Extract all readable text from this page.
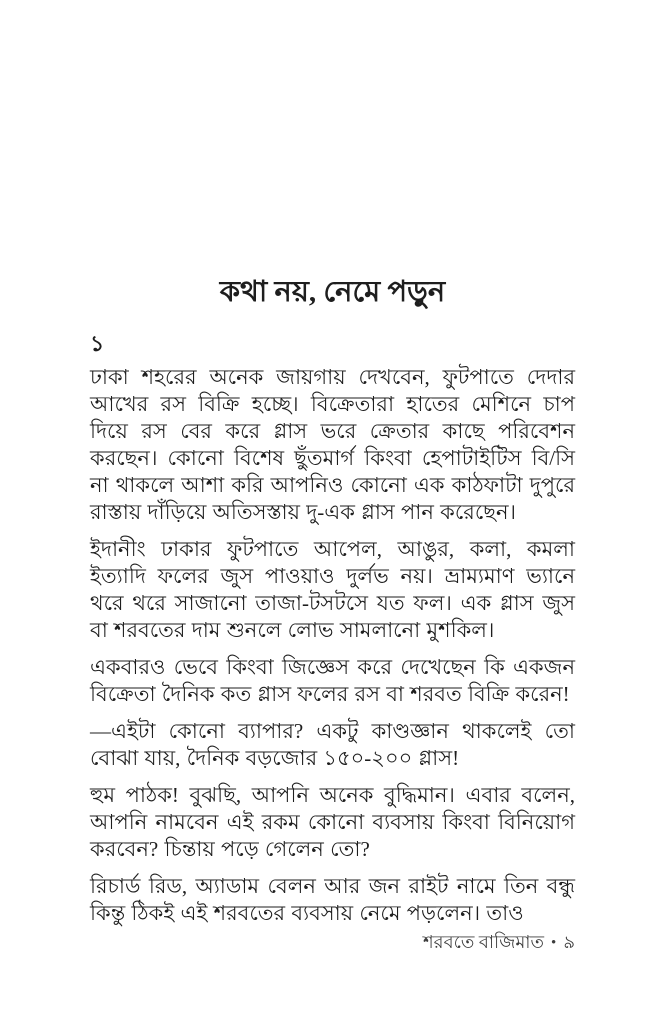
কথা নয়, নেমে পড়ুন
১

ঢাকা শহরের অনেক জায়গায় দেখবেন, ফুটপাতে দেদার আখের রস বিক্রি হচ্ছে। বিক্রেতারা হাতের মেশিনে চাপ দিয়ে রস বের করে গ্লাস ভরে ক্রেতার কাছে পরিবেশন করছেন। কোনো বিশেষ ছুঁতমার্গ কিংবা হেপাটাইটিস বি/সি না থাকলে আশা করি আপনিও কোনো এক কাঠফাটা দুপুরে রাস্তায় দাঁড়িয়ে অতিসস্তায় দু-এক গ্লাস পান করেছেন।

ইদানীং ঢাকার ফুটপাতে আপেল, আঙুর, কলা, কমলা ইত্যাদি ফলের জুস পাওয়াও দুর্লভ নয়। ভ্রাম্যমাণ ভ্যানে থরে থরে সাজানো তাজা-টসটসে যত ফল। এক গ্লাস জুস বা শরবতের দাম শুনলে লোভ সামলানো মুশকিল।

একবারও ভেবে কিংবা জিজ্ঞেস করে দেখেছেন কি একজন বিক্রেতা দৈনিক কত গ্লাস ফলের রস বা শরবত বিক্রি করেন!

—এইটা কোনো ব্যাপার? একটু কাণ্ডজ্ঞান থাকলেই তো বোঝা যায়, দৈনিক বড়জোর ১৫০-২০০ গ্লাস!

হুম পাঠক! বুঝছি, আপনি অনেক বুদ্ধিমান। এবার বলেন, আপনি নামবেন এই রকম কোনো ব্যবসায় কিংবা বিনিয়োগ করবেন? চিন্তায় পড়ে গেলেন তো?

রিচার্ড রিড, অ্যাডাম বেলন আর জন রাইট নামে তিন বন্ধু কিন্তু ঠিকই এই শরবতের ব্যবসায় নেমে পড়লেন। তাও

শরবতে বাজিমাত • ৯
